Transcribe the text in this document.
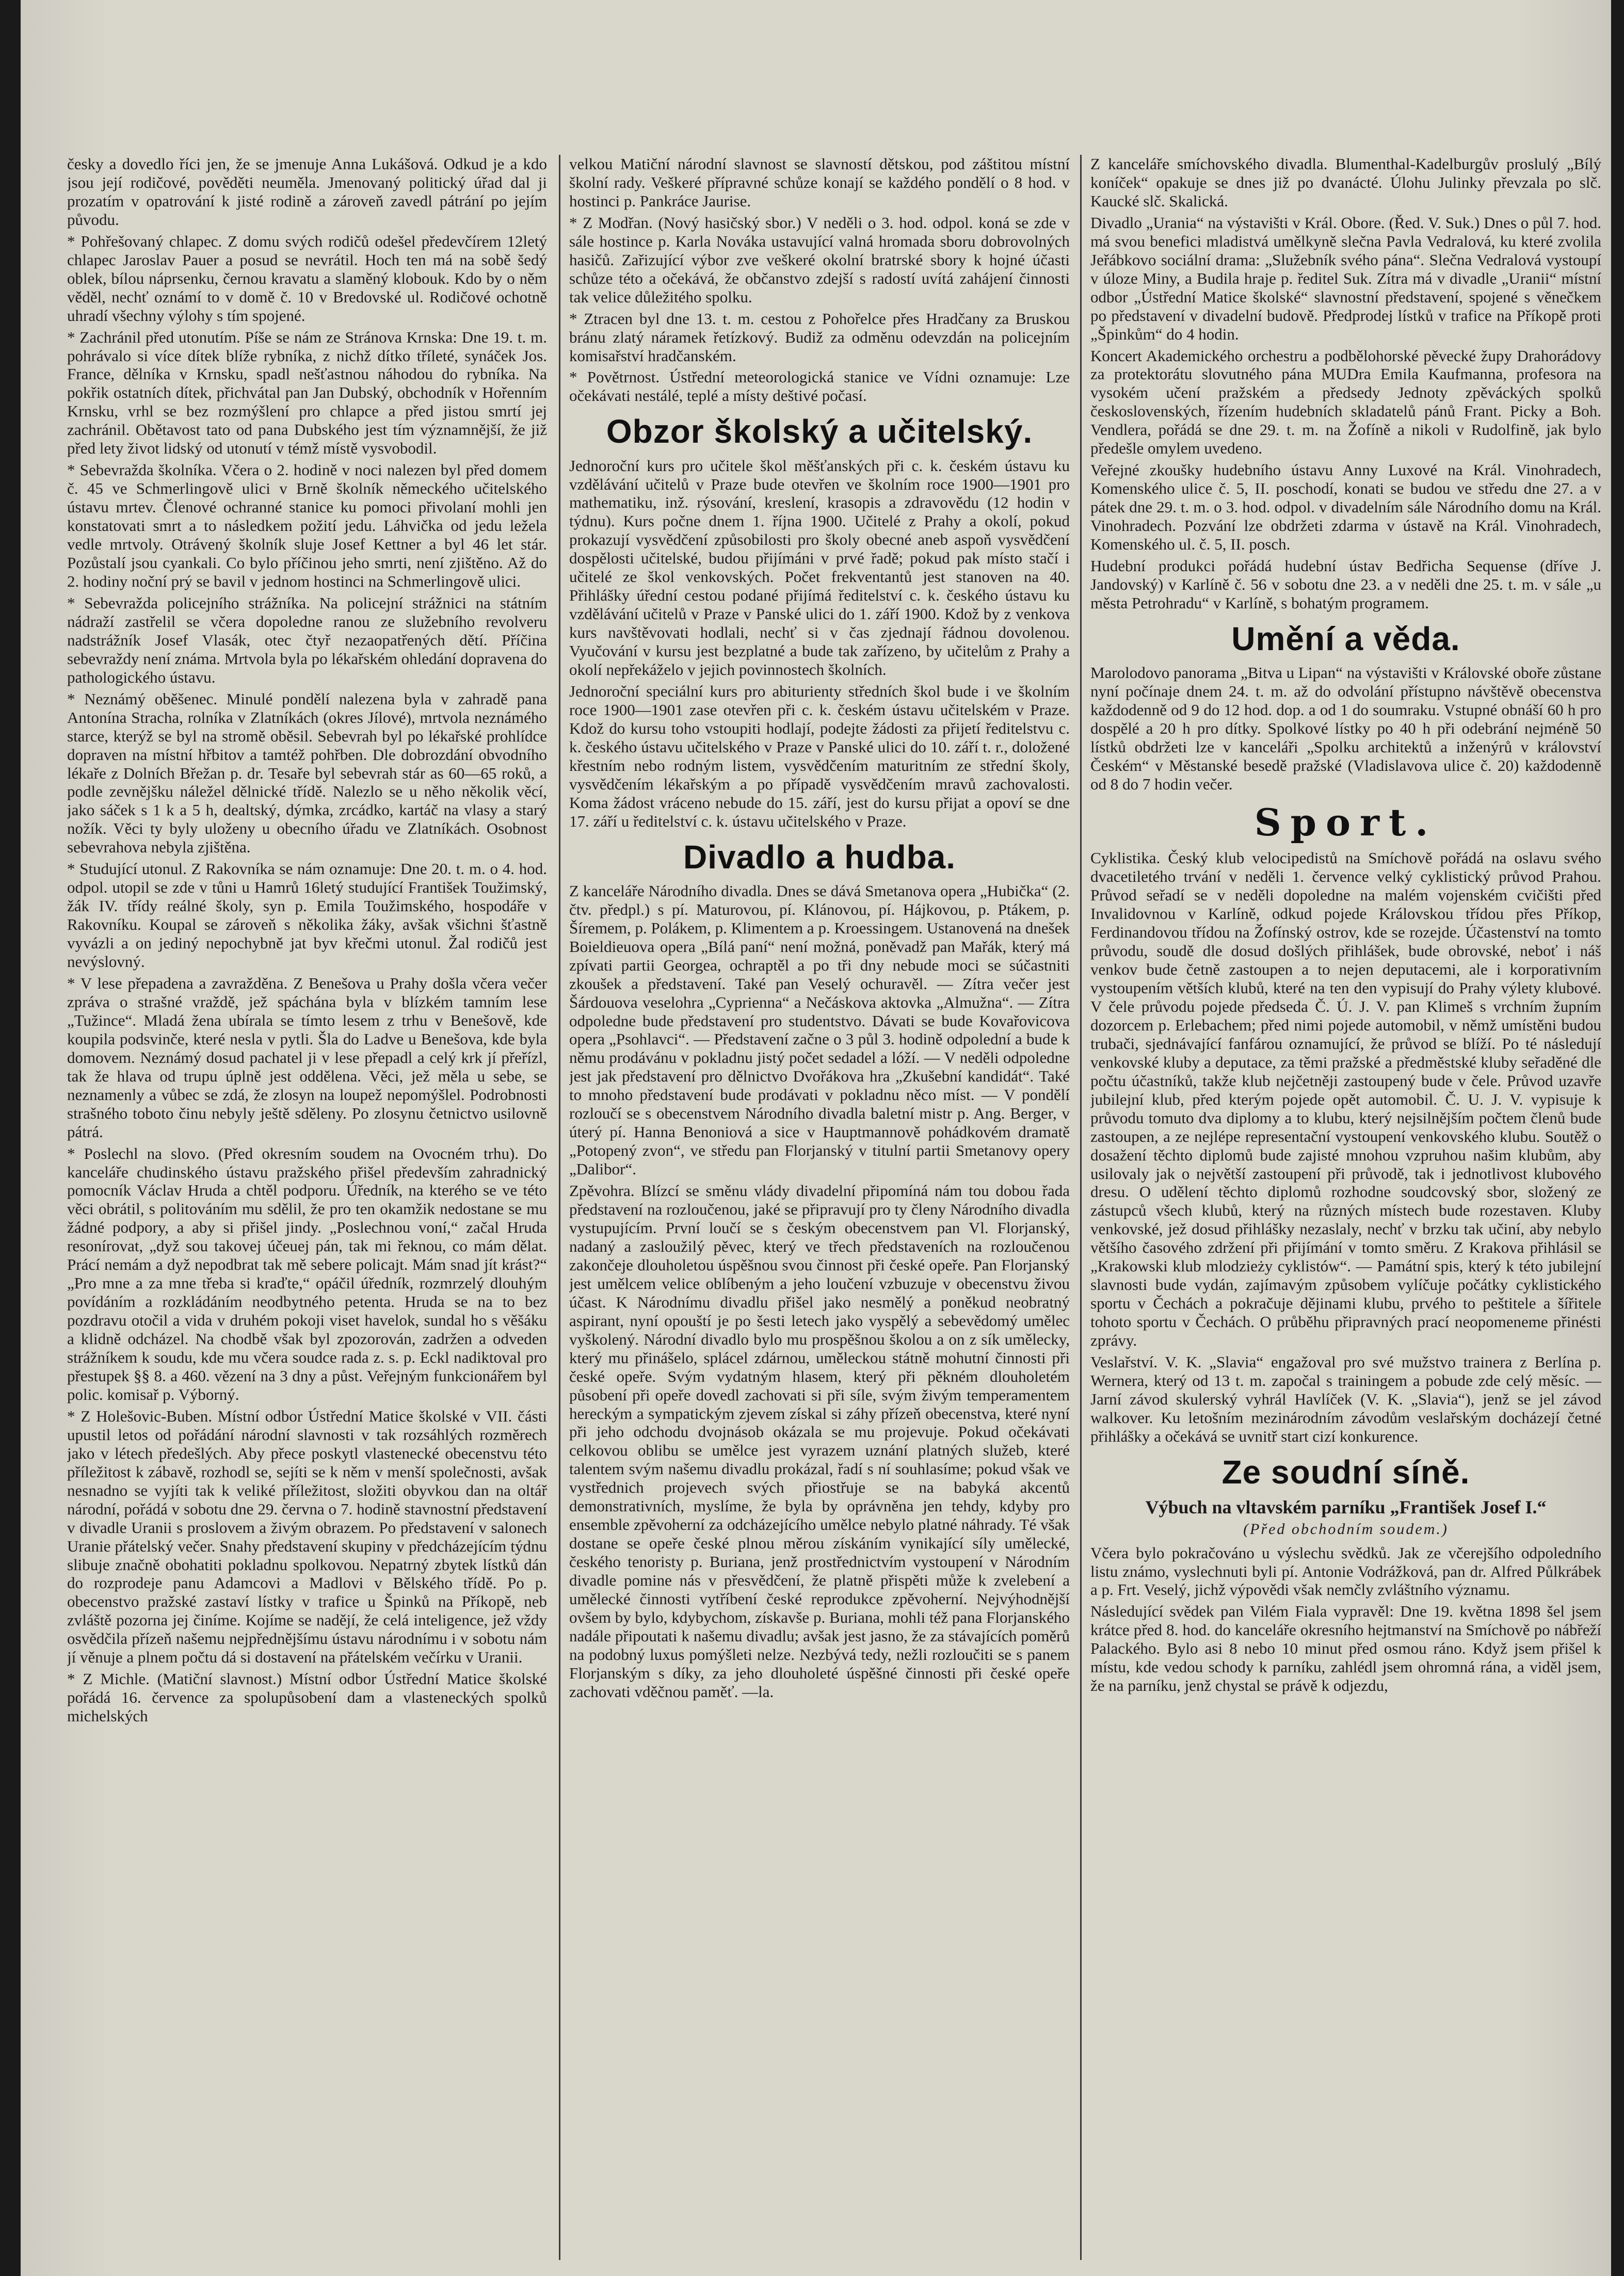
česky a dovedlo říci jen, že se jmenuje Anna Lukášová. Odkud je a kdo jsou její rodičové, pověděti neuměla. Jmenovaný politický úřad dal ji prozatím v opatrování k jisté rodině a zároveň zavedl pátrání po jejím původu.

* Pohřešovaný chlapec. Z domu svých rodičů odešel předevčírem 12letý chlapec Jaroslav Pauer a posud se nevrátil. Hoch ten má na sobě šedý oblek, bílou náprsenku, černou kravatu a slaměný klobouk. Kdo by o něm věděl, nechť oznámí to v domě č. 10 v Bredovské ul. Rodičové ochotně uhradí všechny výlohy s tím spojené.

* Zachránil před utonutím. Píše se nám ze Stránova Krnska: Dne 19. t. m. pohrávalo si více dítek blíže rybníka, z nichž dítko tříleté, synáček Jos. France, dělníka v Krnsku, spadl nešťastnou náhodou do rybníka. Na pokřik ostatních dítek, přichvátal pan Jan Dubský, obchodník v Hořenním Krnsku, vrhl se bez rozmýšlení pro chlapce a před jistou smrtí jej zachránil. Obětavost tato od pana Dubského jest tím významnější, že již před lety život lidský od utonutí v témž místě vysvobodil.

* Sebevražda školníka. Včera o 2. hodině v noci nalezen byl před domem č. 45 ve Schmerlingově ulici v Brně školník německého učitelského ústavu mrtev. Členové ochranné stanice ku pomoci přivolaní mohli jen konstatovati smrt a to následkem požití jedu. Láhvička od jedu ležela vedle mrtvoly. Otrávený školník sluje Josef Kettner a byl 46 let stár. Pozůstalí jsou cyankali. Co bylo příčinou jeho smrti, není zjištěno. Až do 2. hodiny noční prý se bavil v jednom hostinci na Schmerlingově ulici.

* Sebevražda policejního strážníka. Na policejní strážnici na státním nádraží zastřelil se včera dopoledne ranou ze služebního revolveru nadstrážník Josef Vlasák, otec čtyř nezaopatřených dětí. Příčina sebevraždy není známa. Mrtvola byla po lékařském ohledání dopravena do pathologického ústavu.

* Neznámý oběšenec. Minulé pondělí nalezena byla v zahradě pana Antonína Stracha, rolníka v Zlatníkách (okres Jílové), mrtvola neznámého starce, kterýž se byl na stromě oběsil. Sebevrah byl po lékařské prohlídce dopraven na místní hřbitov a tamtéž pohřben. Dle dobrozdání obvodního lékaře z Dolních Břežan p. dr. Tesaře byl sebevrah stár as 60—65 roků, a podle zevnějšku náležel dělnické třídě. Nalezlo se u něho několik věcí, jako sáček s 1 k a 5 h, dealtský, dýmka, zrcádko, kartáč na vlasy a starý nožík. Věci ty byly uloženy u obecního úřadu ve Zlatníkách. Osobnost sebevrahova nebyla zjištěna.

* Studující utonul. Z Rakovníka se nám oznamuje: Dne 20. t. m. o 4. hod. odpol. utopil se zde v tůni u Hamrů 16letý studující František Toužimský, žák IV. třídy reálné školy, syn p. Emila Toužimského, hospodáře v Rakovníku. Koupal se zároveň s několika žáky, avšak všichni šťastně vyvázli a on jediný nepochybně jat byv křečmi utonul. Žal rodičů jest nevýslovný.

* V lese přepadena a zavražděna. Z Benešova u Prahy došla včera večer zpráva o strašné vraždě, jež spáchána byla v blízkém tamním lese „Tužince“. Mladá žena ubírala se tímto lesem z trhu v Benešově, kde koupila podsvinče, které nesla v pytli. Šla do Ladve u Benešova, kde byla domovem. Neznámý dosud pachatel ji v lese přepadl a celý krk jí přeřízl, tak že hlava od trupu úplně jest oddělena. Věci, jež měla u sebe, se neznamenly a vůbec se zdá, že zlosyn na loupež nepomýšlel. Podrobnosti strašného toboto činu nebyly ještě sděleny. Po zlosynu četnictvo usilovně pátrá.

* Poslechl na slovo. (Před okresním soudem na Ovocném trhu). Do kanceláře chudinského ústavu pražského přišel především zahradnický pomocník Václav Hruda a chtěl podporu. Úředník, na kterého se ve této věci obrátil, s politováním mu sdělil, že pro ten okamžik nedostane se mu žádné podpory, a aby si přišel jindy. „Poslechnou voní,“ začal Hruda resonírovat, „dyž sou takovej účeuej pán, tak mi řeknou, co mám dělat. Prácí nemám a dyž nepodbrat tak mě sebere policajt. Mám snad jít krást?“ „Pro mne a za mne třeba si kraďte,“ opáčil úředník, rozmrzelý dlouhým povídáním a rozkládáním neodbytného petenta. Hruda se na to bez pozdravu otočil a vida v druhém pokoji viset havelok, sundal ho s věšáku a klidně odcházel. Na chodbě však byl zpozorován, zadržen a odveden strážníkem k soudu, kde mu včera soudce rada z. s. p. Eckl nadiktoval pro přestupek §§ 8. a 460. vězení na 3 dny a půst. Veřejným funkcionářem byl polic. komisař p. Výborný.

* Z Holešovic-Buben. Místní odbor Ústřední Matice školské v VII. části upustil letos od pořádání národní slavnosti v tak rozsáhlých rozměrech jako v létech předešlých. Aby přece poskytl vlastenecké obecenstvu této příležitost k zábavě, rozhodl se, sejíti se k něm v menší společnosti, avšak nesnadno se vyjíti tak k veliké příležitost, složiti obyvkou dan na oltář národní, pořádá v sobotu dne 29. června o 7. hodině stavnostní představení v divadle Uranii s proslovem a živým obrazem. Po představení v salonech Uranie přátelský večer. Snahy představení skupiny v předcházejícím týdnu slibuje značně obohatiti pokladnu spolkovou. Nepatrný zbytek lístků dán do rozprodeje panu Adamcovi a Madlovi v Bělského třídě. Po p. obecenstvo pražské zastaví lístky v trafice u Špinků na Příkopě, neb zvláště pozorna jej činíme. Kojíme se nadějí, že celá inteligence, jež vždy osvědčila přízeň našemu nejpřednějšímu ústavu národnímu i v sobotu nám jí věnuje a plnem počtu dá si dostavení na přátelském večírku v Uranii.

* Z Michle. (Matiční slavnost.) Místní odbor Ústřední Matice školské pořádá 16. července za spolupůsobení dam a vlasteneckých spolků michelských

velkou Matiční národní slavnost se slavností dětskou, pod záštitou místní školní rady. Veškeré přípravné schůze konají se každého pondělí o 8 hod. v hostinci p. Pankráce Jaurise.

* Z Modřan. (Nový hasičský sbor.) V neděli o 3. hod. odpol. koná se zde v sále hostince p. Karla Nováka ustavující valná hromada sboru dobrovolných hasičů. Zařizující výbor zve veškeré okolní bratrské sbory k hojné účasti schůze této a očekává, že občanstvo zdejší s radostí uvítá zahájení činnosti tak velice důležitého spolku.

* Ztracen byl dne 13. t. m. cestou z Pohořelce přes Hradčany za Bruskou bránu zlatý náramek řetízkový. Budiž za odměnu odevzdán na policejním komisařství hradčanském.

* Povětrnost. Ústřední meteorologická stanice ve Vídni oznamuje: Lze očekávati nestálé, teplé a místy deštivé počasí.

Obzor školský a učitelský.

Jednoroční kurs pro učitele škol měšťanských při c. k. českém ústavu ku vzdělávání učitelů v Praze bude otevřen ve školním roce 1900—1901 pro mathematiku, inž. rýsování, kreslení, krasopis a zdravovědu (12 hodin v týdnu). Kurs počne dnem 1. října 1900. Učitelé z Prahy a okolí, pokud prokazují vysvědčení způsobilosti pro školy obecné aneb aspoň vysvědčení dospělosti učitelské, budou přijímáni v prvé řadě; pokud pak místo stačí i učitelé ze škol venkovských. Počet frekventantů jest stanoven na 40. Přihlášky úřední cestou podané přijímá ředitelství c. k. českého ústavu ku vzdělávání učitelů v Praze v Panské ulici do 1. září 1900. Kdož by z venkova kurs navštěvovati hodlali, nechť si v čas zjednají řádnou dovolenou. Vyučování v kursu jest bezplatné a bude tak zařízeno, by učitelům z Prahy a okolí nepřekáželo v jejich povinnostech školních.

Jednoroční speciální kurs pro abiturienty středních škol bude i ve školním roce 1900—1901 zase otevřen při c. k. českém ústavu učitelském v Praze. Kdož do kursu toho vstoupiti hodlají, podejte žádosti za přijetí ředitelstvu c. k. českého ústavu učitelského v Praze v Panské ulici do 10. září t. r., doložené křestním nebo rodným listem, vysvědčením maturitním ze střední školy, vysvědčením lékařským a po případě vysvědčením mravů zachovalosti. Koma žádost vráceno nebude do 15. září, jest do kursu přijat a opoví se dne 17. září u ředitelství c. k. ústavu učitelského v Praze.

Divadlo a hudba.

Z kanceláře Národního divadla. Dnes se dává Smetanova opera „Hubička“ (2. čtv. předpl.) s pí. Maturovou, pí. Klánovou, pí. Hájkovou, p. Ptákem, p. Šíremem, p. Polákem, p. Klimentem a p. Kroessingem. Ustanovená na dnešek Boieldieuova opera „Bílá paní“ není možná, poněvadž pan Mařák, který má zpívati partii Georgea, ochraptěl a po tři dny nebude moci se súčastniti zkoušek a představení. Také pan Veselý ochuravěl. — Zítra večer jest Šárdouova veselohra „Cyprienna“ a Nečáskova aktovka „Almužna“. — Zítra odpoledne bude představení pro studentstvo. Dávati se bude Kovařovicova opera „Psohlavci“. — Představení začne o 3 půl 3. hodině odpolední a bude k němu prodávánu v pokladnu jistý počet sedadel a lóží. — V neděli odpoledne jest jak představení pro dělnictvo Dvořákova hra „Zkušební kandidát“. Také to mnoho představení bude prodávati v pokladnu něco míst. — V pondělí rozloučí se s obecenstvem Národního divadla baletní mistr p. Ang. Berger, v úterý pí. Hanna Benoniová a sice v Hauptmannově pohádkovém dramatě „Potopený zvon“, ve středu pan Florjanský v titulní partii Smetanovy opery „Dalibor“.

Zpěvohra. Blízcí se směnu vlády divadelní připomíná nám tou dobou řada představení na rozloučenou, jaké se připravují pro ty členy Národního divadla vystupujícím. První loučí se s českým obecenstvem pan Vl. Florjanský, nadaný a zasloužilý pěvec, který ve třech představeních na rozloučenou zakončeje dlouholetou úspěšnou svou činnost při české opeře. Pan Florjanský jest umělcem velice oblíbeným a jeho loučení vzbuzuje v obecenstvu živou účast. K Národnímu divadlu přišel jako nesmělý a poněkud neobratný aspirant, nyní opouští je po šesti letech jako vyspělý a sebevědomý umělec vyškolený. Národní divadlo bylo mu prospěšnou školou a on z sík umělecky, který mu přinášelo, splácel zdárnou, uměleckou státně mohutní činnosti při české opeře. Svým vydatným hlasem, který při pěkném dlouholetém působení při opeře dovedl zachovati si při síle, svým živým temperamentem hereckým a sympatickým zjevem získal si záhy přízeň obecenstva, které nyní při jeho odchodu dvojnásob okázala se mu projevuje. Pokud očekávati celkovou oblibu se umělce jest vyrazem uznání platných služeb, které talentem svým našemu divadlu prokázal, řadí s ní souhlasíme; pokud však ve vystřednich projevech svých přiostřuje se na babyká akcentů demonstrativních, myslíme, že byla by oprávněna jen tehdy, kdyby pro ensemble zpěvoherní za odcházejícího umělce nebylo platné náhrady. Té však dostane se opeře české plnou měrou získáním vynikající síly umělecké, českého tenoristy p. Buriana, jenž prostřednictvím vystoupení v Národním divadle pomine nás v přesvědčení, že platně přispěti může k zvelebení a umělecké činnosti vytříbení české reprodukce zpěvoherní. Nejvýhodnější ovšem by bylo, kdybychom, získavše p. Buriana, mohli též pana Florjanského nadále připoutati k našemu divadlu; avšak jest jasno, že za stávajících poměrů na podobný luxus pomýšleti nelze. Nezbývá tedy, nežli rozloučiti se s panem Florjanským s díky, za jeho dlouholeté úspěšné činnosti při české opeře zachovati vděčnou paměť. —la.

Z kanceláře smíchovského divadla. Blumenthal-Kadelburgův proslulý „Bílý koníček“ opakuje se dnes již po dvanácté. Úlohu Julinky převzala po slč. Kaucké slč. Skalická.

Divadlo „Urania“ na výstavišti v Král. Obore. (Řed. V. Suk.) Dnes o půl 7. hod. má svou benefici mladistvá umělkyně slečna Pavla Vedralová, ku které zvolila Jeřábkovo sociální drama: „Služebník svého pána“. Slečna Vedralová vystoupí v úloze Miny, a Budila hraje p. ředitel Suk. Zítra má v divadle „Uranii“ místní odbor „Ústřední Matice školské“ slavnostní představení, spojené s věnečkem po představení v divadelní budově. Předprodej lístků v trafice na Příkopě proti „Špinkům“ do 4 hodin.

Koncert Akademického orchestru a podbělohorské pěvecké župy Drahorádovy za protektorátu slovutného pána MUDra Emila Kaufmanna, profesora na vysokém učení pražském a předsedy Jednoty zpěváckých spolků československých, řízením hudebních skladatelů pánů Frant. Picky a Boh. Vendlera, pořádá se dne 29. t. m. na Žofíně a nikoli v Rudolfině, jak bylo předešle omylem uvedeno.

Veřejné zkoušky hudebního ústavu Anny Luxové na Král. Vinohradech, Komenského ulice č. 5, II. poschodí, konati se budou ve středu dne 27. a v pátek dne 29. t. m. o 3. hod. odpol. v divadelním sále Národního domu na Král. Vinohradech. Pozvání lze obdržeti zdarma v ústavě na Král. Vinohradech, Komenského ul. č. 5, II. posch.

Hudební produkci pořádá hudební ústav Bedřicha Sequense (dříve J. Jandovský) v Karlíně č. 56 v sobotu dne 23. a v neděli dne 25. t. m. v sále „u města Petrohradu“ v Karlíně, s bohatým programem.

Umění a věda.

Marolodovo panorama „Bitva u Lipan“ na výstavišti v Královské oboře zůstane nyní počínaje dnem 24. t. m. až do odvolání přístupno návštěvě obecenstva každodenně od 9 do 12 hod. dop. a od 1 do soumraku. Vstupné obnáší 60 h pro dospělé a 20 h pro dítky. Spolkové lístky po 40 h při odebrání nejméně 50 lístků obdržeti lze v kanceláři „Spolku architektů a inženýrů v království Českém“ v Městanské besedě pražské (Vladislavova ulice č. 20) každodenně od 8 do 7 hodin večer.

Sport.

Cyklistika. Český klub velocipedistů na Smíchově pořádá na oslavu svého dvacetiletého trvání v neděli 1. července velký cyklistický průvod Prahou. Průvod seřadí se v neděli dopoledne na malém vojenském cvičišti před Invalidovnou v Karlíně, odkud pojede Královskou třídou přes Příkop, Ferdinandovou třídou na Žofínský ostrov, kde se rozejde. Účastenství na tomto průvodu, soudě dle dosud došlých přihlášek, bude obrovské, neboť i náš venkov bude četně zastoupen a to nejen deputacemi, ale i korporativním vystoupením větších klubů, které na ten den vypisují do Prahy výlety klubové. V čele průvodu pojede předseda Č. Ú. J. V. pan Klimeš s vrchním župním dozorcem p. Erlebachem; před nimi pojede automobil, v němž umístěni budou trubači, sjednávající fanfárou oznamující, že průvod se blíží. Po té následují venkovské kluby a deputace, za těmi pražské a předměstské kluby seřaděné dle počtu účastníků, takže klub nejčetněji zastoupený bude v čele. Průvod uzavře jubilejní klub, před kterým pojede opět automobil. Č. U. J. V. vypisuje k průvodu tomuto dva diplomy a to klubu, který nejsilnějším počtem členů bude zastoupen, a ze nejlépe representační vystoupení venkovského klubu. Soutěž o dosažení těchto diplomů bude zajisté mnohou vzpruhou našim klubům, aby usilovaly jak o největší zastoupení při průvodě, tak i jednotlivost klubového dresu. O udělení těchto diplomů rozhodne soudcovský sbor, složený ze zástupců všech klubů, který na různých místech bude rozestaven. Kluby venkovské, jež dosud přihlášky nezaslaly, nechť v brzku tak učiní, aby nebylo většího časového zdržení při přijímání v tomto směru. Z Krakova přihlásil se „Krakowski klub mlodzieży cyklistów“. — Památní spis, který k této jubilejní slavnosti bude vydán, zajímavým způsobem vylíčuje počátky cyklistického sportu v Čechách a pokračuje dějinami klubu, prvého to peštitele a šířitele tohoto sportu v Čechách. O průběhu připravných prací neopomeneme přinésti zprávy.

Veslařství. V. K. „Slavia“ engažoval pro své mužstvo trainera z Berlína p. Wernera, který od 13 t. m. započal s trainingem a pobude zde celý měsíc. — Jarní závod skulerský vyhrál Havlíček (V. K. „Slavia“), jenž se jel závod walkover. Ku letošním mezinárodním závodům veslařským docházejí četné přihlášky a očekává se uvnitř start cizí konkurence.

Ze soudní síně.
Výbuch na vltavském parníku „František Josef I.“
(Před obchodním soudem.)

Včera bylo pokračováno u výslechu svědků. Jak ze včerejšího odpoledního listu známo, vyslechnuti byli pí. Antonie Vodrážková, pan dr. Alfred Půlkrábek a p. Frt. Veselý, jichž výpovědi však nemčly zvláštního významu.

Následující svědek pan Vilém Fiala vypravěl: Dne 19. května 1898 šel jsem krátce před 8. hod. do kanceláře okresního hejtmanství na Smíchově po nábřeží Palackého. Bylo asi 8 nebo 10 minut před osmou ráno. Když jsem přišel k místu, kde vedou schody k parníku, zahlédl jsem ohromná rána, a viděl jsem, že na parníku, jenž chystal se právě k odjezdu,
